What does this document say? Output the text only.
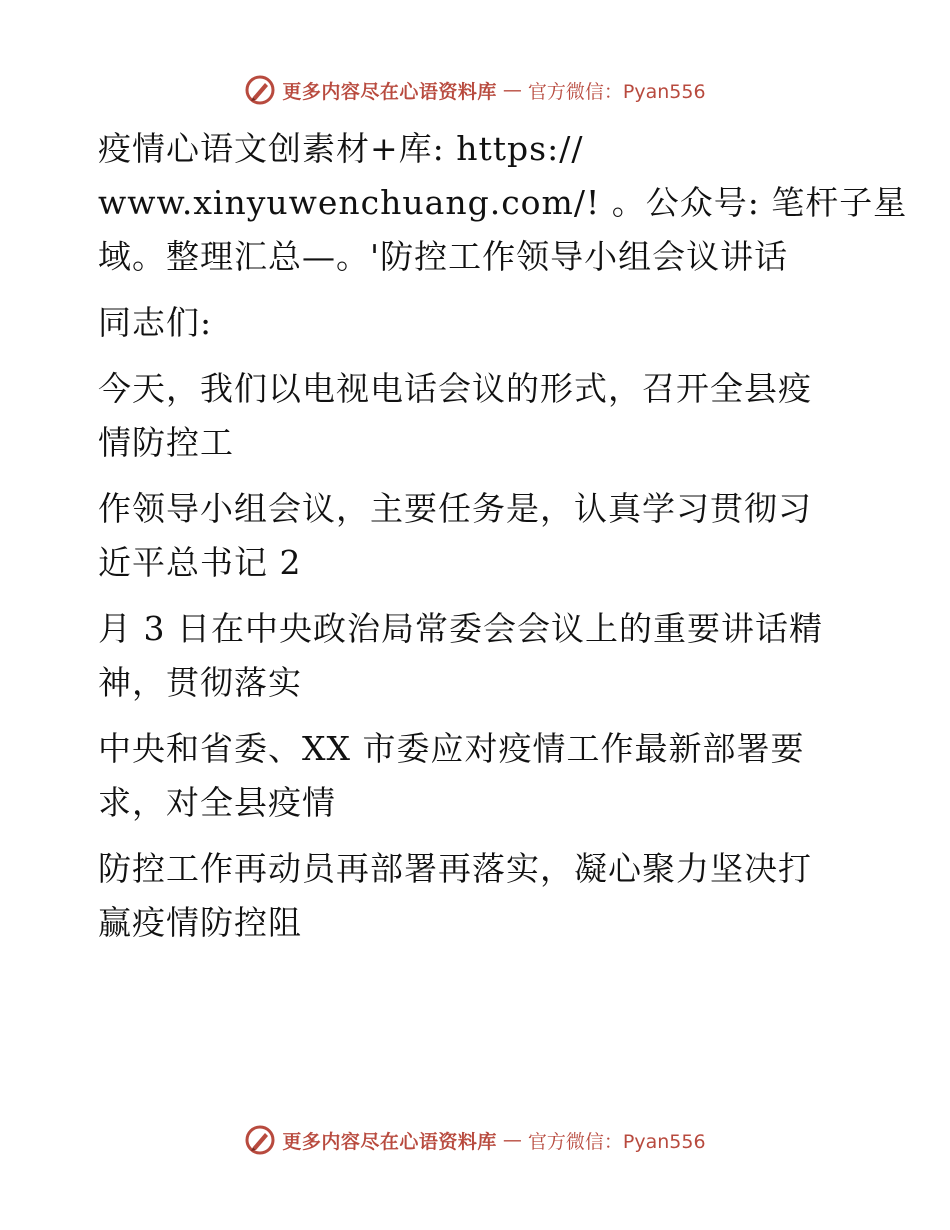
更多内容尽在心语资料库 — 官方微信：Pyan556
疫情心语文创素材+库: https://
www.xinyuwenchuang.com/! 。公众号: 笔杆子星
域。整理汇总—。'防控工作领导小组会议讲话
同志们:
今天，我们以电视电话会议的形式，召开全县疫
情防控工
作领导小组会议，主要任务是，认真学习贯彻习
近平总书记 2
月 3 日在中央政治局常委会会议上的重要讲话精
神，贯彻落实
中央和省委、XX 市委应对疫情工作最新部署要
求，对全县疫情
防控工作再动员再部署再落实，凝心聚力坚决打
赢疫情防控阻
更多内容尽在心语资料库 — 官方微信：Pyan556
